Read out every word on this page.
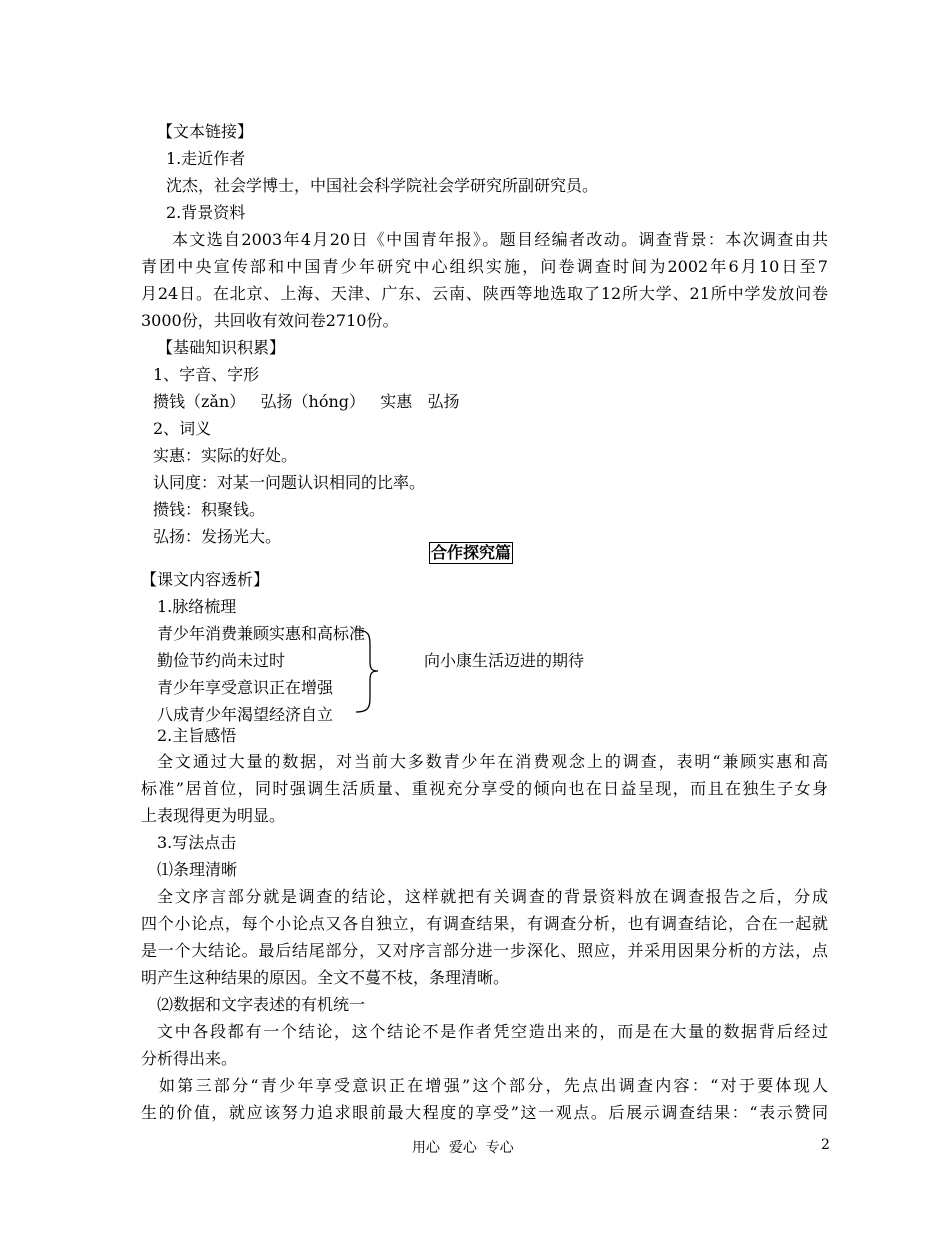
【文本链接】
1.走近作者
沈杰，社会学博士，中国社会科学院社会学研究所副研究员。
2.背景资料
本文选自2003年4月20日《中国青年报》。题目经编者改动。调查背景：本次调查由共
青团中央宣传部和中国青少年研究中心组织实施，问卷调查时间为2002年6月10日至7
月24日。在北京、上海、天津、广东、云南、陕西等地选取了12所大学、21所中学发放问卷
3000份，共回收有效问卷2710份。
【基础知识积累】
1、字音、字形
攒钱（zǎn）   弘扬（hóng）   实惠   弘扬
2、词义
实惠：实际的好处。
认同度：对某一问题认识相同的比率。
攒钱：积聚钱。
弘扬：发扬光大。
合作探究篇
【课文内容透析】
1.脉络梳理
青少年消费兼顾实惠和高标准
勤俭节约尚未过时
青少年享受意识正在增强
八成青少年渴望经济自立
向小康生活迈进的期待
2.主旨感悟
全文通过大量的数据，对当前大多数青少年在消费观念上的调查，表明“兼顾实惠和高
标准”居首位，同时强调生活质量、重视充分享受的倾向也在日益呈现，而且在独生子女身
上表现得更为明显。
3.写法点击
⑴条理清晰
全文序言部分就是调查的结论，这样就把有关调查的背景资料放在调查报告之后，分成
四个小论点，每个小论点又各自独立，有调查结果，有调查分析，也有调查结论，合在一起就
是一个大结论。最后结尾部分，又对序言部分进一步深化、照应，并采用因果分析的方法，点
明产生这种结果的原因。全文不蔓不枝，条理清晰。
⑵数据和文字表述的有机统一
文中各段都有一个结论，这个结论不是作者凭空造出来的，而是在大量的数据背后经过
分析得出来。
如第三部分“青少年享受意识正在增强”这个部分，先点出调查内容：“对于要体现人
生的价值，就应该努力追求眼前最大程度的享受”这一观点。后展示调查结果：“表示赞同
用心  爱心  专心	2
